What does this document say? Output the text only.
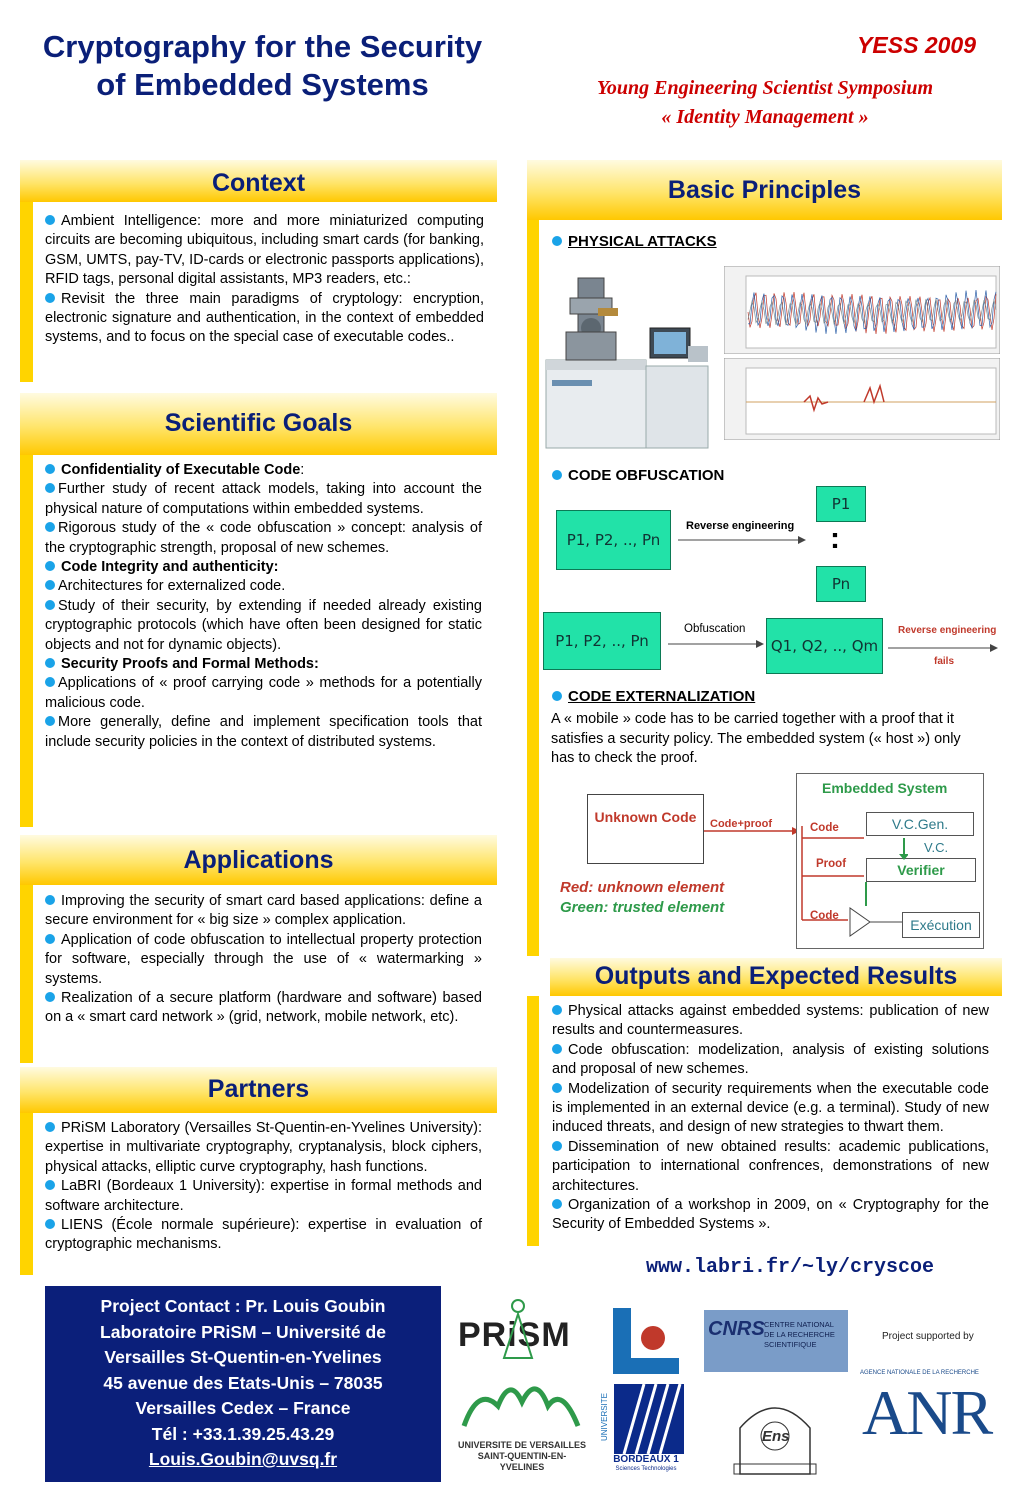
Cryptography for the Security of Embedded Systems
YESS 2009
Young Engineering Scientist Symposium
« Identity Management »
Context

Ambient Intelligence: more and more miniaturized computing circuits are becoming ubiquitous, including smart cards (for banking, GSM, UMTS, pay-TV, ID-cards or electronic passports applications), RFID tags, personal digital assistants, MP3 readers, etc.:

Revisit the three main paradigms of cryptology: encryption, electronic signature and authentication, in the context of embedded systems, and to focus on the special case of executable codes..

Scientific Goals

Confidentiality of Executable Code:

Further study of recent attack models, taking into account the physical nature of computations within embedded systems.

Rigorous study of the « code obfuscation » concept: analysis of the cryptographic strength, proposal of new schemes.

Code Integrity and authenticity:

Architectures for externalized code.

Study of their security, by extending if needed already existing cryptographic protocols (which have often been designed for static objects and not for dynamic objects).

Security Proofs and Formal Methods:

Applications of « proof carrying code » methods for a potentially malicious code.

More generally, define and implement specification tools that include security policies in the context of distributed systems.

Applications

Improving the security of smart card based applications: define a secure environment for « big size » complex application.

Application of code obfuscation to intellectual property protection for software, especially through the use of « watermarking » systems.

Realization of a secure platform (hardware and software) based on a « smart card network » (grid, network, mobile network, etc).

Partners

PRiSM Laboratory (Versailles St-Quentin-en-Yvelines University): expertise in multivariate cryptography, cryptanalysis, block ciphers, physical attacks, elliptic curve cryptography, hash functions.

LaBRI (Bordeaux 1 University): expertise in formal methods and software architecture.

LIENS (École normale supérieure): expertise in evaluation of cryptographic mechanisms.

Basic Principles
PHYSICAL ATTACKS
CODE OBFUSCATION
P1, P2, .., Pn
Reverse engineering
P1
:
Pn
P1, P2, .., Pn
Obfuscation
Q1, Q2, .., Qm
Reverse engineering
fails
CODE EXTERNALIZATION
A « mobile » code has to be carried together with a proof that it satisfies a security policy. The embedded system (« host ») only has to check the proof.
Unknown Code	Code+proof
Embedded System
Code	V.C.Gen.
V.C.
Proof	Verifier
Code
Exécution
Red: unknown element
Green: trusted element
Outputs and Expected Results

Physical attacks against embedded systems: publication of new results and countermeasures.

Code obfuscation: modelization, analysis of existing solutions and proposal of new schemes.

Modelization of security requirements when the executable code is implemented in an external device (e.g. a terminal). Study of new induced threats, and design of new strategies to thwart them.

Dissemination of new obtained results: academic publications, participation to international confrences, demonstrations of new architectures.

Organization of a workshop in 2009, on « Cryptography for the Security of Embedded Systems ».

www.labri.fr/~ly/cryscoe
Project Contact : Pr. Louis Goubin
Laboratoire PRiSM – Université de
Versailles St-Quentin-en-Yvelines
45 avenue des Etats-Unis – 78035
Versailles Cedex – France
Tél : +33.1.39.25.43.29
Louis.Goubin@uvsq.fr
PRiSM
UNIVERSITE DE VERSAILLES
SAINT-QUENTIN-EN-YVELINES
UNIVERSITE
BORDEAUX 1
Sciences Technologies
CNRS CENTRE NATIONAL
DE LA RECHERCHE
SCIENTIFIQUE
Ens
Project supported by
AGENCE NATIONALE DE LA RECHERCHE
ANR
